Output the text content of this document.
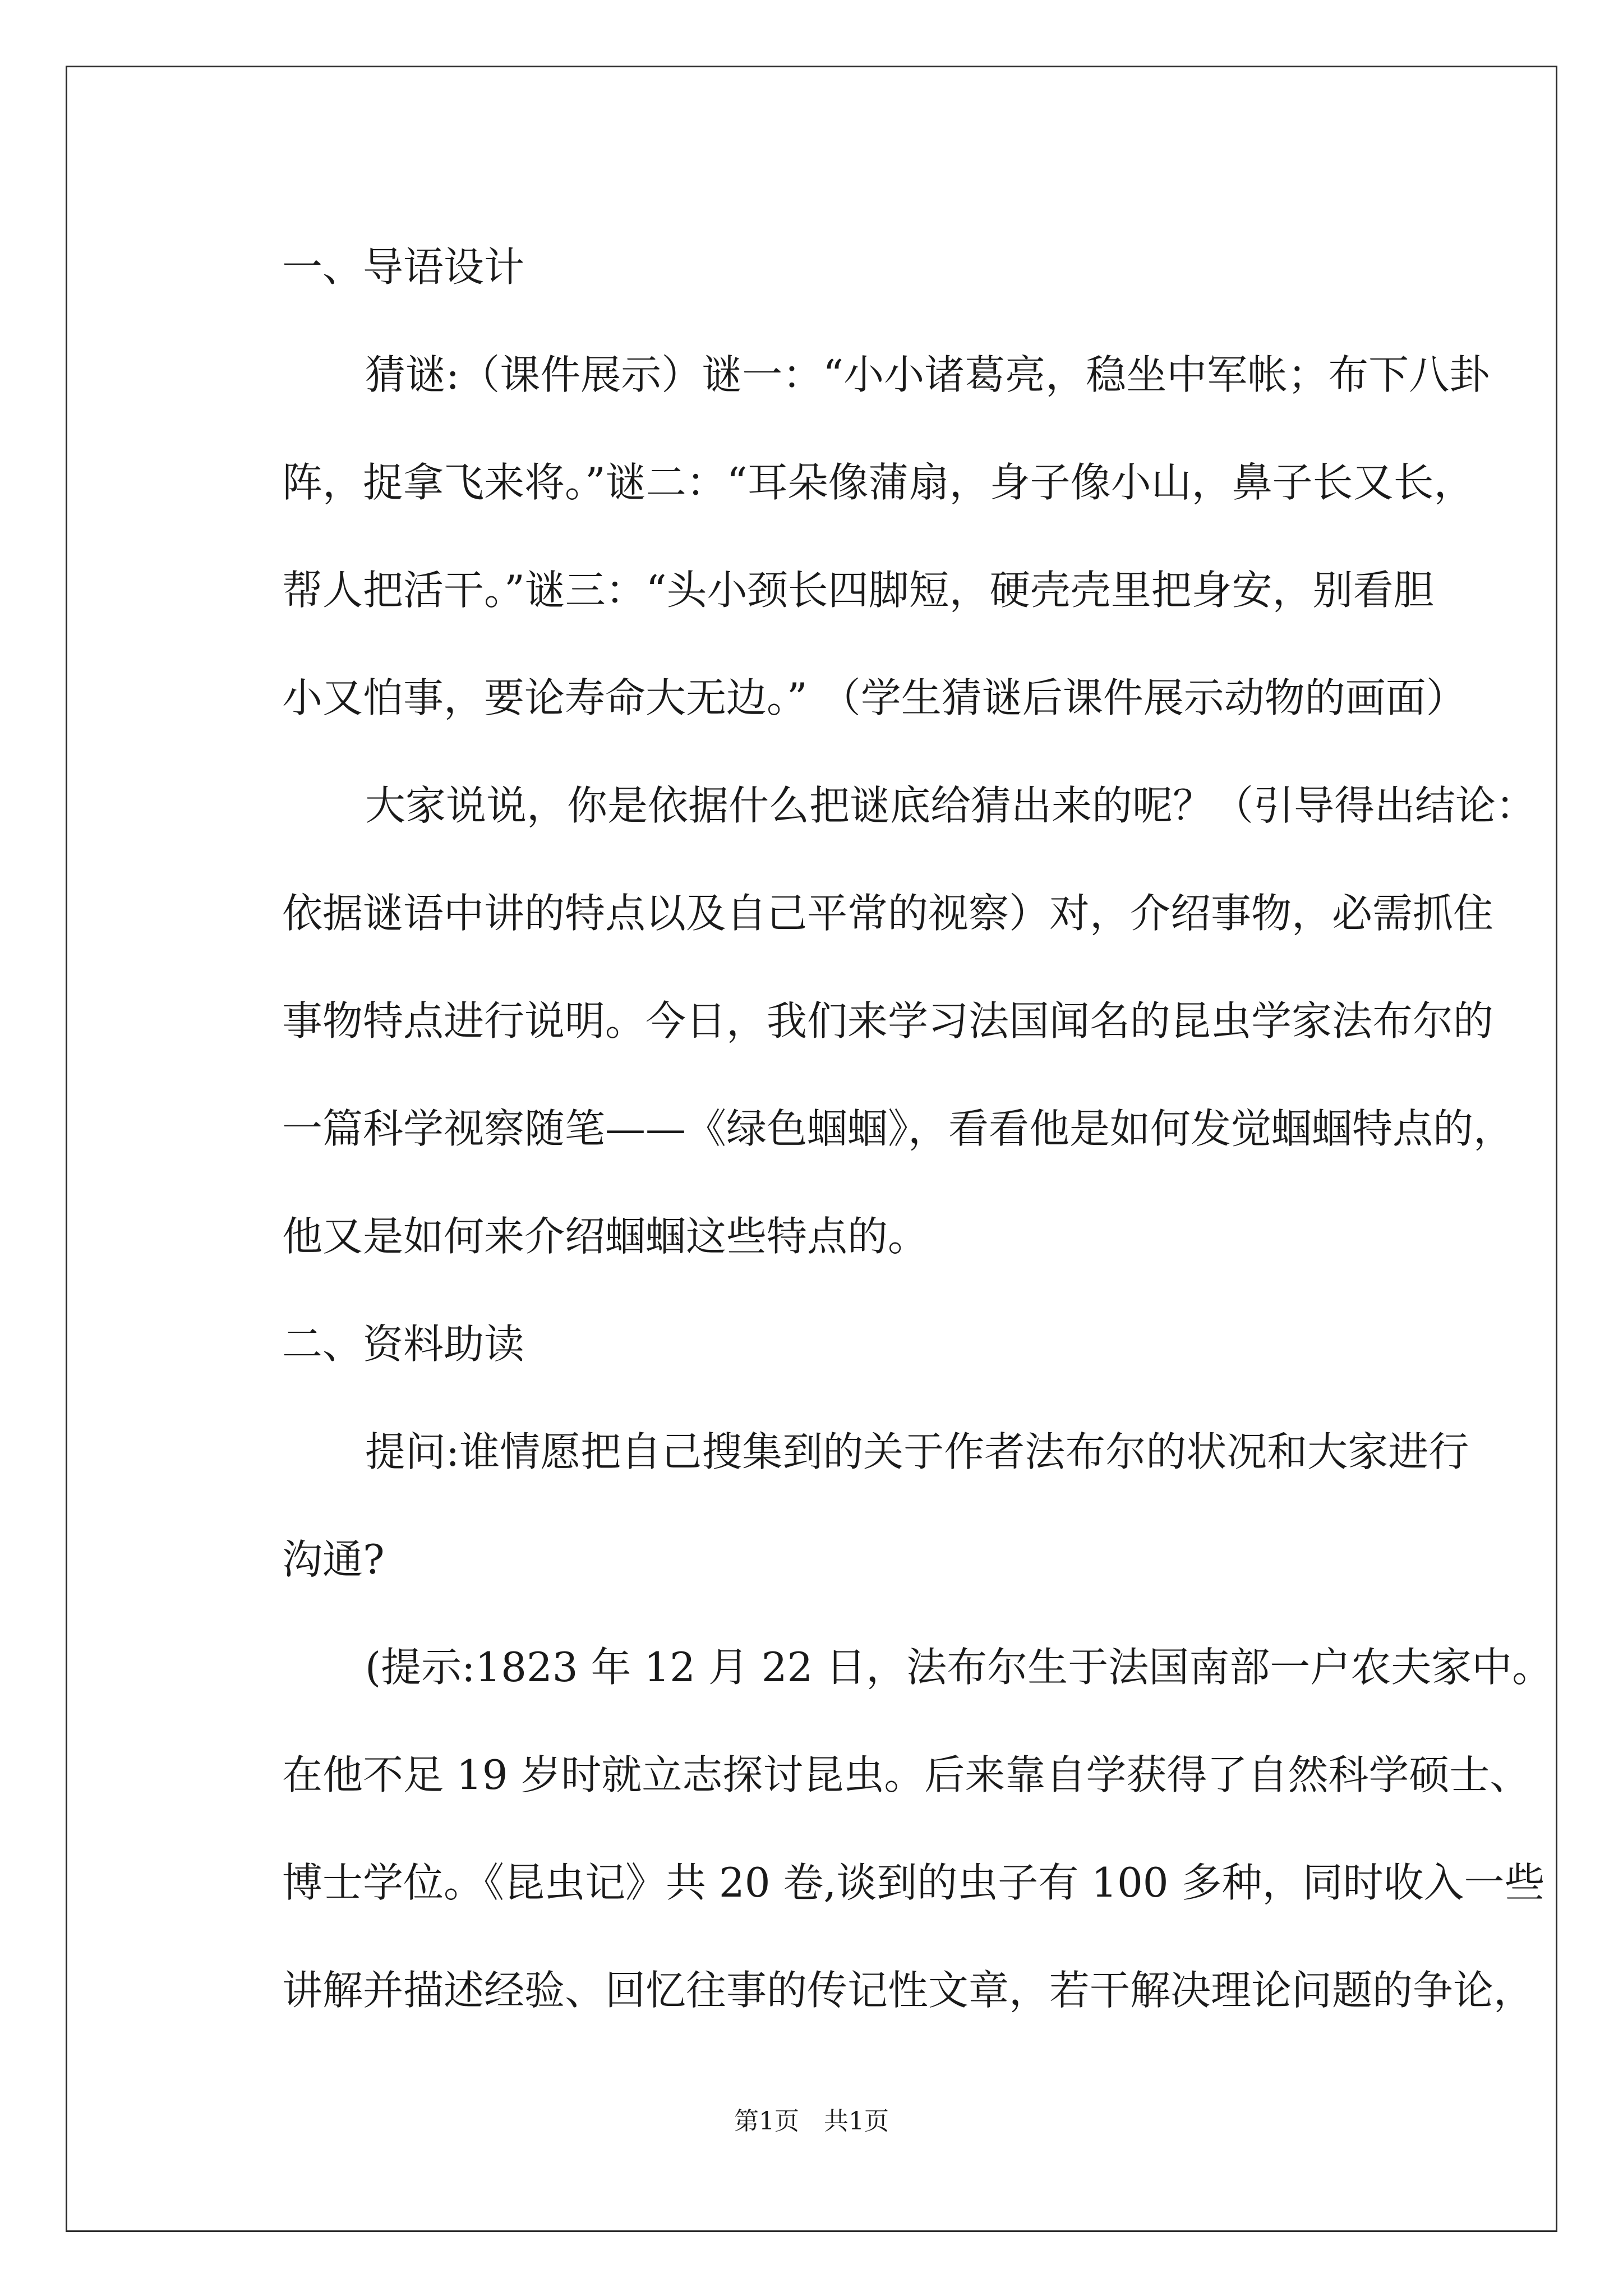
一、导语设计
猜谜:（课件展示）谜一：“小小诸葛亮，稳坐中军帐；布下八卦
阵，捉拿飞来将。”谜二：“耳朵像蒲扇，身子像小山，鼻子长又长，
帮人把活干。”谜三：“头小颈长四脚短，硬壳壳里把身安，别看胆
小又怕事，要论寿命大无边。” （学生猜谜后课件展示动物的画面）
大家说说，你是依据什么把谜底给猜出来的呢？（引导得出结论：
依据谜语中讲的特点以及自己平常的视察）对，介绍事物，必需抓住
事物特点进行说明。今日，我们来学习法国闻名的昆虫学家法布尔的
一篇科学视察随笔——《绿色蝈蝈》，看看他是如何发觉蝈蝈特点的，
他又是如何来介绍蝈蝈这些特点的。
二、资料助读
提问:谁情愿把自己搜集到的关于作者法布尔的状况和大家进行
沟通?
(提示:1823 年 12 月 22 日，法布尔生于法国南部一户农夫家中。
在他不足 19 岁时就立志探讨昆虫。后来靠自学获得了自然科学硕士、
博士学位。《昆虫记》共 20 卷,谈到的虫子有 100 多种，同时收入一些
讲解并描述经验、回忆往事的传记性文章，若干解决理论问题的争论，
第1页　共1页
